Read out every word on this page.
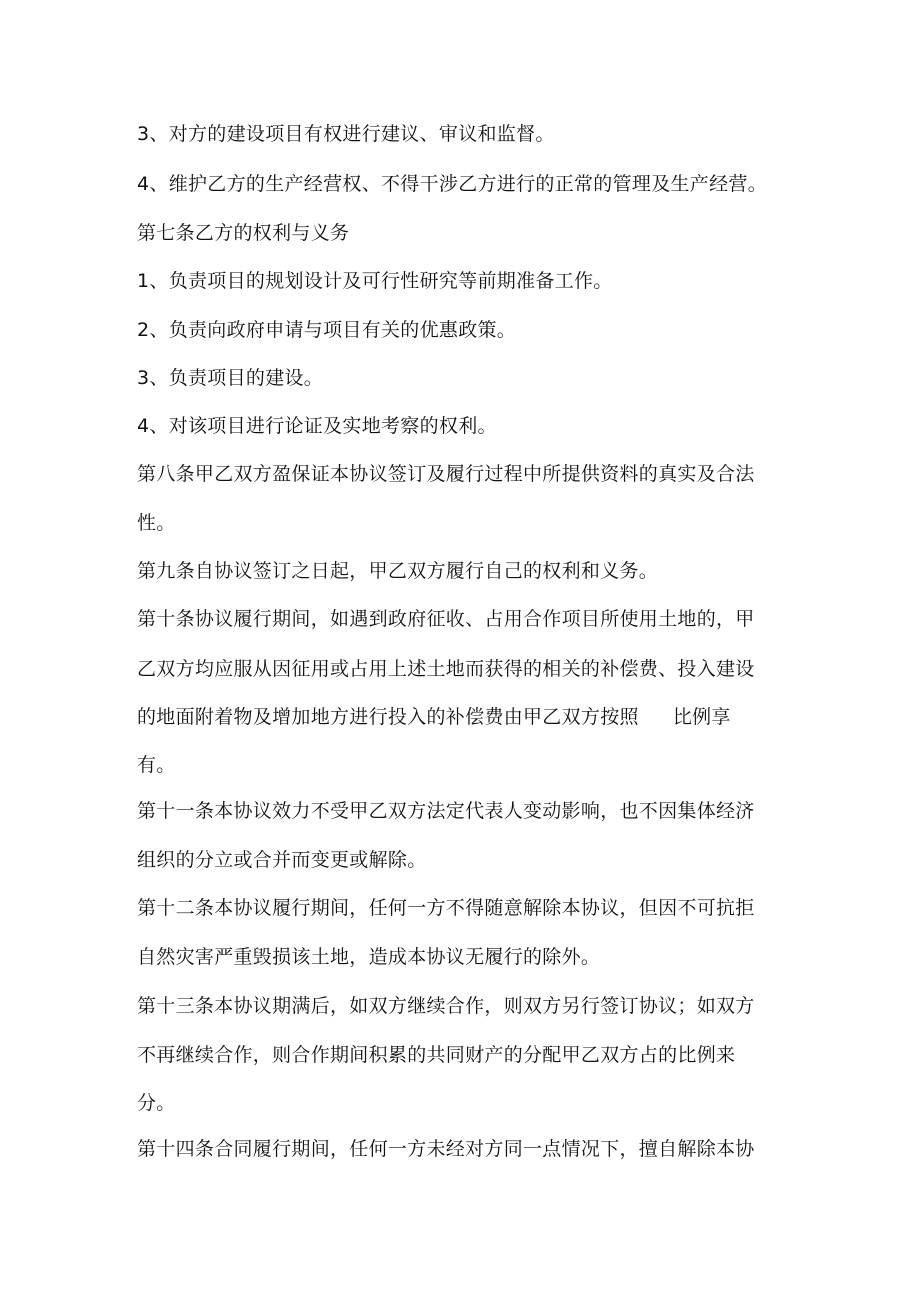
3、对方的建设项目有权进行建议、审议和监督。
4、维护乙方的生产经营权、不得干涉乙方进行的正常的管理及生产经营。
第七条乙方的权利与义务
1、负责项目的规划设计及可行性研究等前期准备工作。
2、负责向政府申请与项目有关的优惠政策。
3、负责项目的建设。
4、对该项目进行论证及实地考察的权利。
第八条甲乙双方盈保证本协议签订及履行过程中所提供资料的真实及合法
性。
第九条自协议签订之日起，甲乙双方履行自己的权利和义务。
第十条协议履行期间，如遇到政府征收、占用合作项目所使用土地的，甲
乙双方均应服从因征用或占用上述土地而获得的相关的补偿费、投入建设
的地面附着物及增加地方进行投入的补偿费由甲乙双方按照 比例享
有。
第十一条本协议效力不受甲乙双方法定代表人变动影响，也不因集体经济
组织的分立或合并而变更或解除。
第十二条本协议履行期间，任何一方不得随意解除本协议，但因不可抗拒
自然灾害严重毁损该土地，造成本协议无履行的除外。
第十三条本协议期满后，如双方继续合作，则双方另行签订协议；如双方
不再继续合作，则合作期间积累的共同财产的分配甲乙双方占的比例来
分。
第十四条合同履行期间，任何一方未经对方同一点情况下，擅自解除本协
